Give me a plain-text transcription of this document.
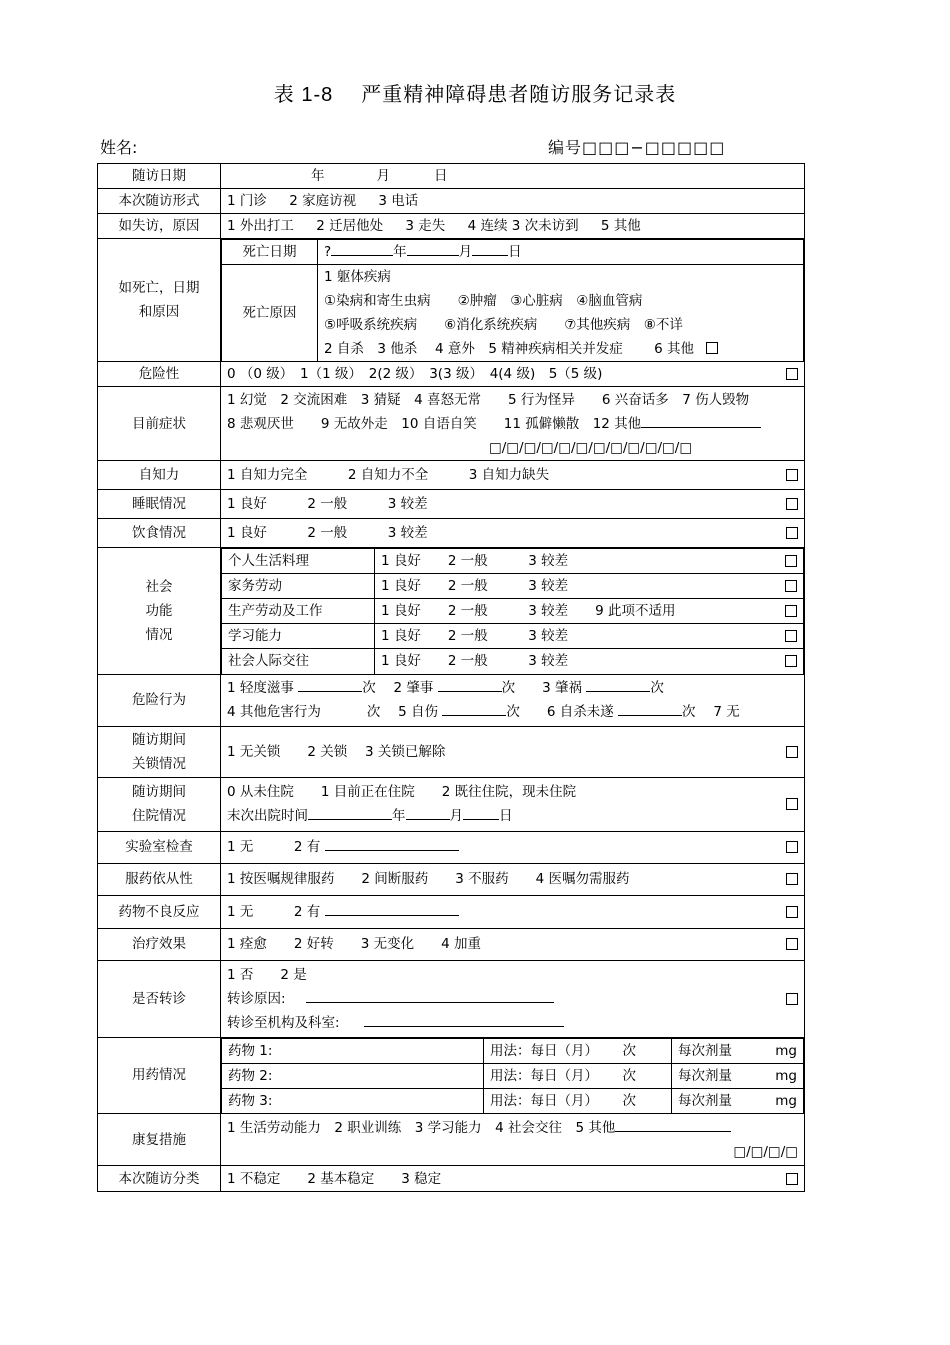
表 1-8 严重精神障碍患者随访服务记录表
姓名:	编号□□□−□□□□□
随访日期	年	月	日
本次随访形式	1 门诊 2 家庭访视 3 电话
如失访，原因	1 外出打工 2 迁居他处 3 走失 4 连续 3 次未访到 5 其他

如死亡，日期
和原因

死亡日期	?	年	月	日
死亡原因	
1 躯体疾病
①染病和寄生虫病　　②肿瘤　③心脏病　④脑血管病
⑤呼吸系统疾病　　⑥消化系统疾病　　⑦其他疾病　⑧不详
2 自杀　3 他杀　 4 意外　5 精神疾病相关并发症　　 6 其他

危险性	0 （0 级）　1（1 级）　2(2 级）　3(3 级）　4(4 级)　5（5 级)

目前症状	
1 幻觉　2 交流困难　3 猜疑　4 喜怒无常　　5 行为怪异　　6 兴奋话多　7 伤人毁物
8 悲观厌世　　9 无故外走　10 自语自笑　　11 孤僻懒散　12 其他
□/□/□/□/□/□/□/□/□/□/□/□

自知力	1 自知力完全　　　2 自知力不全　　　3 自知力缺失

睡眠情况	1 良好　　　2 一般　　　3 较差

饮食情况	1 良好　　　2 一般　　　3 较差

社会
功能
情况

个人生活料理	1 良好　　2 一般　　　3 较差

家务劳动	1 良好　　2 一般　　　3 较差

生产劳动及工作	1 良好　　2 一般　　　3 较差　　9 此项不适用

学习能力	1 良好　　2 一般　　　3 较差

社会人际交往	1 良好　　2 一般　　　3 较差

危险行为	
1 轻度滋事	次　 2 肇事	次　　3 肇祸	次
4 其他危害行为	次　 5 自伤	次　　6 自杀未遂	次　 7 无

随访期间
关锁情况
	1 无关锁　　2 关锁　 3 关锁已解除

随访期间
住院情况

0 从未住院　　1 目前正在住院　　2 既往住院，现未住院
末次出院时间	年	月	日

实验室检查	1 无　　　2 有

服药依从性	1 按医嘱规律服药　　2 间断服药　　3 不服药　　4 医嘱勿需服药

药物不良反应	1 无　　　2 有

治疗效果	1 痊愈　　2 好转　　3 无变化　　4 加重

是否转诊	
1 否　　2 是
转诊原因:
转诊至机构及科室:

用药情况	
药物 1:	用法：每日（月）　　 次	每次剂量	mg

药物 2:	用法：每日（月）　　 次	每次剂量	mg

药物 3:	用法：每日（月）　　 次	每次剂量	mg

康复措施	
1 生活劳动能力　2 职业训练　3 学习能力　4 社会交往　5 其他
□/□/□/□

本次随访分类	1 不稳定　　2 基本稳定　　3 稳定
